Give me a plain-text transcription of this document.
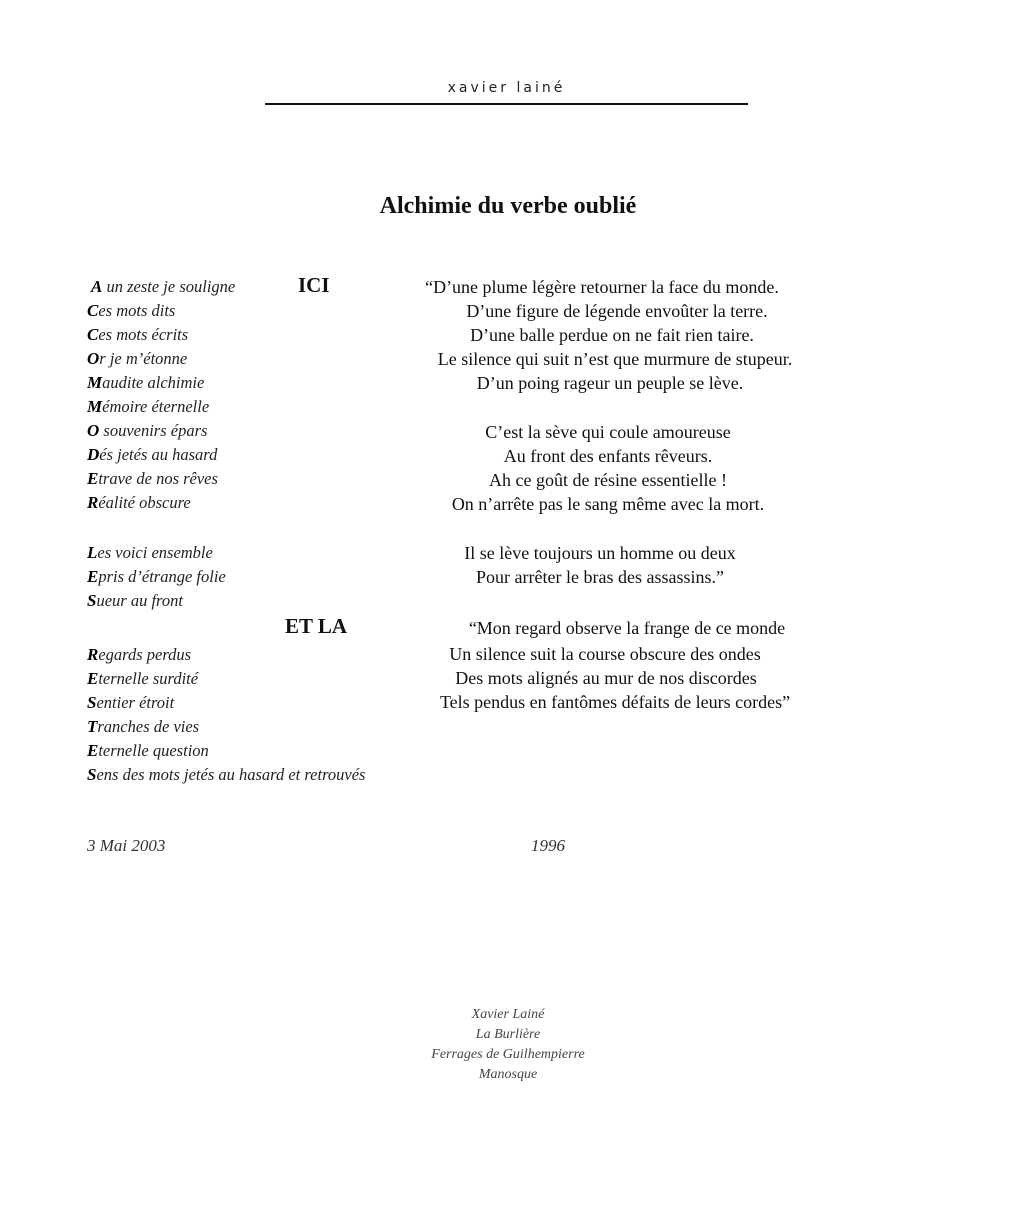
xavier lainé
Alchimie du verbe oublié
ICI
ET LA
A un zeste je souligne
Ces mots dits
Ces mots écrits
Or je m’étonne
Maudite alchimie
Mémoire éternelle
O souvenirs épars
Dés jetés au hasard
Etrave de nos rêves
Réalité obscure
Les voici ensemble
Epris d’étrange folie
Sueur au front
Regards perdus
Eternelle surdité
Sentier étroit
Tranches de vies
Eternelle question
Sens des mots jetés au hasard et retrouvés
“D’une plume légère retourner la face du monde.
D’une figure de légende envoûter la terre.
D’une balle perdue on ne fait rien taire.
Le silence qui suit n’est que murmure de stupeur.
D’un poing rageur un peuple se lève.
C’est la sève qui coule amoureuse
Au front des enfants rêveurs.
Ah ce goût de résine essentielle !
On n’arrête pas le sang même avec la mort.
Il se lève toujours un homme ou deux
Pour arrêter le bras des assassins.”
“Mon regard observe la frange de ce monde
Un silence suit la course obscure des ondes
Des mots alignés au mur de nos discordes
Tels pendus en fantômes défaits de leurs cordes”
3 Mai 2003	1996
Xavier Lainé
La Burlière
Ferrages de Guilhempierre
Manosque
